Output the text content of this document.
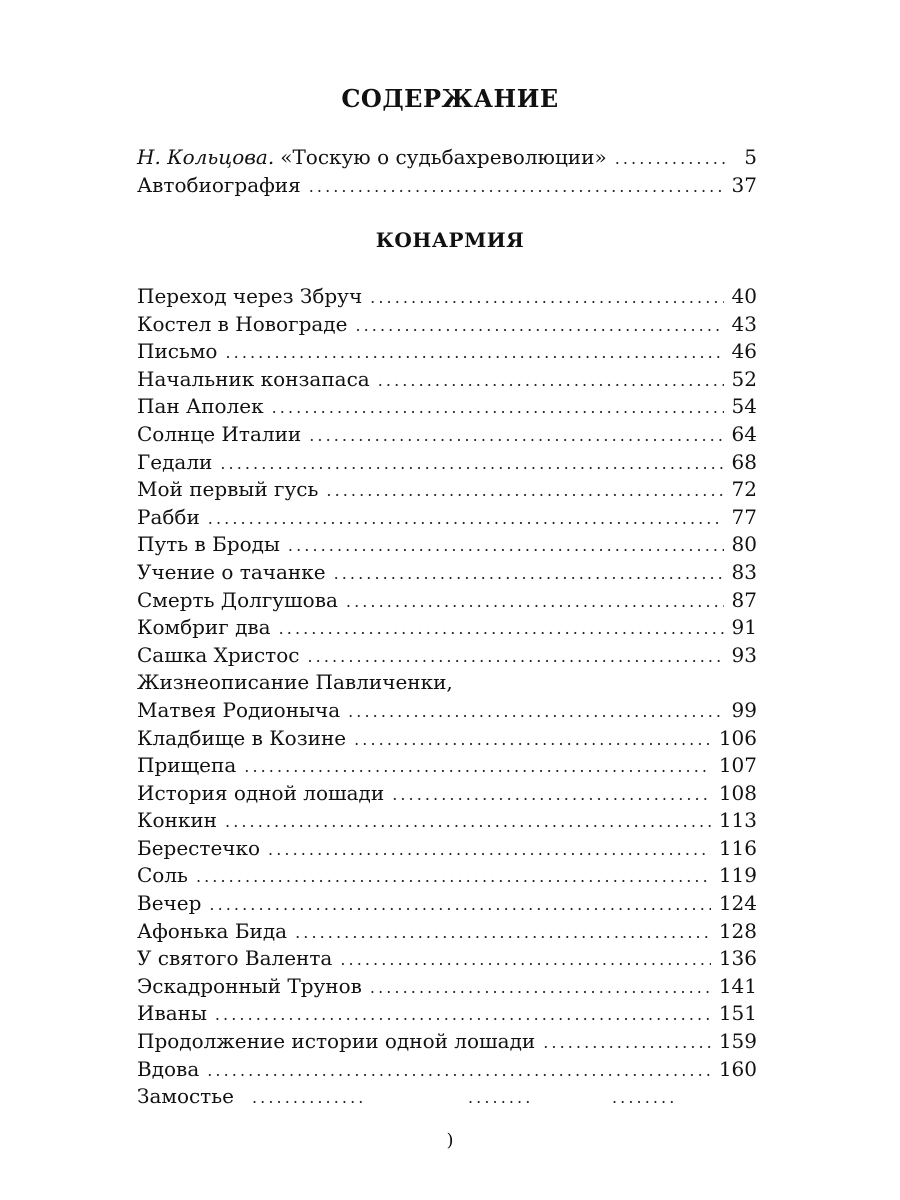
СОДЕРЖАНИЕ
Н. Кольцова. «Тоскую о судьбахреволюции» . . .	5
Автобиография . . .	37
КОНАРМИЯ
Переход через Збруч . . .	40
Костел в Новограде . . .	43
Письмо . . .	46
Начальник конзапаса . . .	52
Пан Аполек . . .	54
Солнце Италии . . .	64
Гедали . . .	68
Мой первый гусь . . .	72
Рабби . . .	77
Путь в Броды . . .	80
Учение о тачанке . . .	83
Смерть Долгушова . . .	87
Комбриг два . . .	91
Сашка Христос . . .	93
Жизнеописание Павличенки,
Матвея Родионыча . . .	99
Кладбище в Козине . . .	106
Прищепа . . .	107
История одной лошади . . .	108
Конкин . . .	113
Берестечко . . .	116
Соль . . .	119
Вечер . . .	124
Афонька Бида . . .	128
У святого Валента . . .	136
Эскадронный Трунов . . .	141
Иваны . . .	151
Продолжение истории одной лошади . . .	159
Вдова . . .	160
Замостье . . . . . . . . . . . . . .	. . . . . . . .	. . . . . . . .
)
